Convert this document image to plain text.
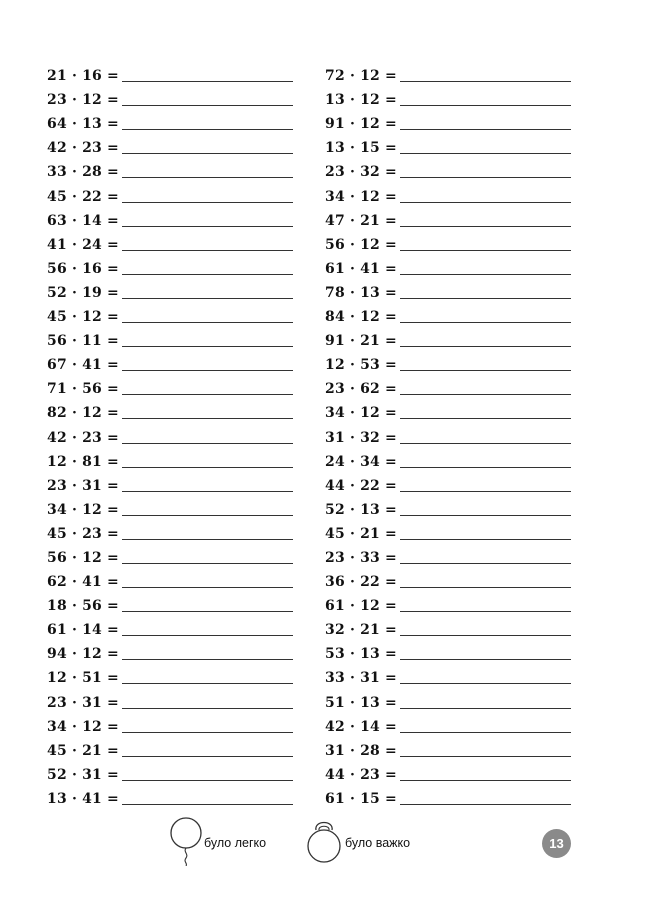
21 · 16 =
23 · 12 =
64 · 13 =
42 · 23 =
33 · 28 =
45 · 22 =
63 · 14 =
41 · 24 =
56 · 16 =
52 · 19 =
45 · 12 =
56 · 11 =
67 · 41 =
71 · 56 =
82 · 12 =
42 · 23 =
12 · 81 =
23 · 31 =
34 · 12 =
45 · 23 =
56 · 12 =
62 · 41 =
18 · 56 =
61 · 14 =
94 · 12 =
12 · 51 =
23 · 31 =
34 · 12 =
45 · 21 =
52 · 31 =
13 · 41 =
72 · 12 =
13 · 12 =
91 · 12 =
13 · 15 =
23 · 32 =
34 · 12 =
47 · 21 =
56 · 12 =
61 · 41 =
78 · 13 =
84 · 12 =
91 · 21 =
12 · 53 =
23 · 62 =
34 · 12 =
31 · 32 =
24 · 34 =
44 · 22 =
52 · 13 =
45 · 21 =
23 · 33 =
36 · 22 =
61 · 12 =
32 · 21 =
53 · 13 =
33 · 31 =
51 · 13 =
42 · 14 =
31 · 28 =
44 · 23 =
61 · 15 =
було легко	було важко	13
